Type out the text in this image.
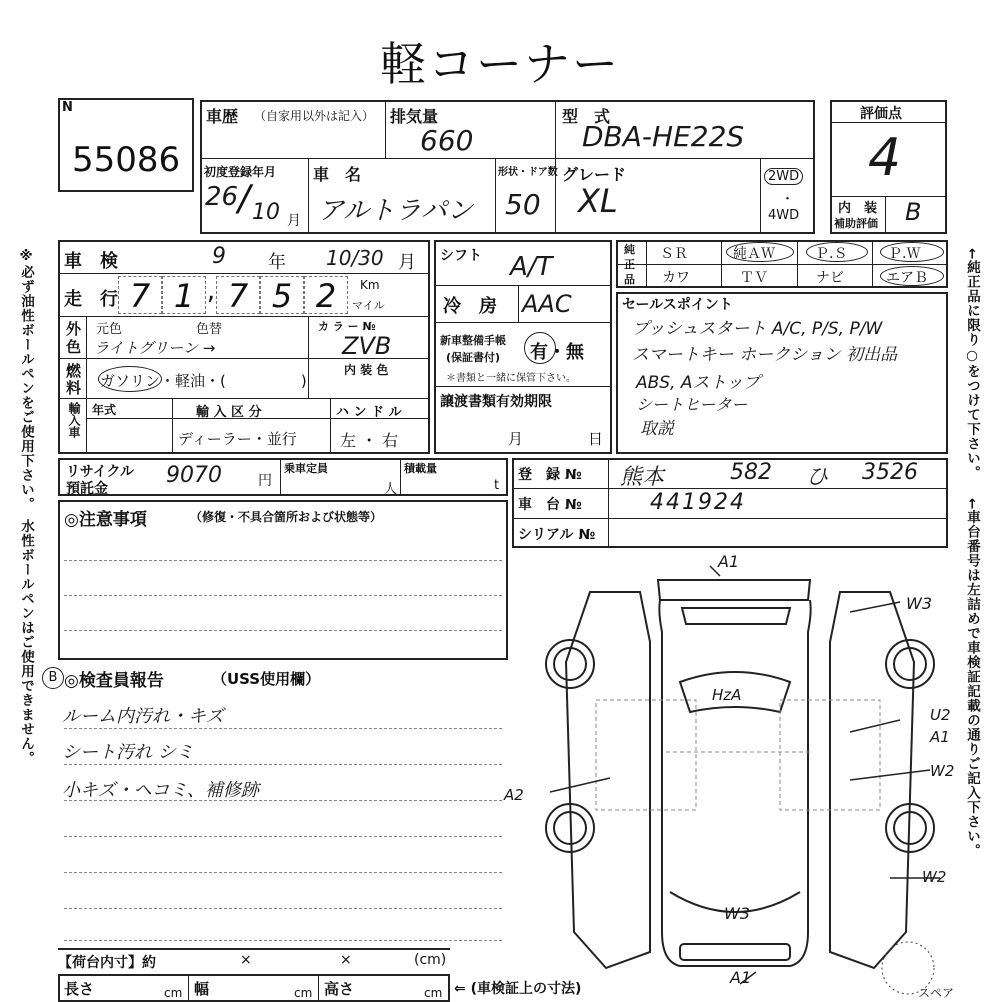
軽コーナー
※必ず油性ボールペンをご使用下さい。　水性ボールペンはご使用できません。	←純正品に限り○をつけて下さい。
←車台番号は左詰めで車検証記載の通りご記入下さい。
N
55086
車歴 （自家用以外は記入） 排気量
660
型　式
DBA-HE22S
初度登録年月
26 / 10 月
車　名
アルトラパン
形状・ドア数
50
グレード
XL
2WD
・
4WD
評価点
4
内　装
補助評価 B
車　検	9 年 10/30 月
走　行 7 1 , 7 5 2	Km
マイル
外
色
元色	色替
ライトグリーン →
カ ラ ー №
ZVB
燃
料 ガソリン・軽油・(　　　　　)
内 装 色
輸入車 年式	輸 入 区 分
ディーラー・並行
ハ ン ド ル
左 ・ 右
シフト A/T
冷　房 AAC
新車整備手帳
(保証書付) 有・無
＊書類と一緒に保管下さい。
譲渡書類有効期限
月	日
純
正
品
ＳＲ	純ＡＷ	Ｐ.Ｓ	Ｐ.Ｗ
カワ	ＴＶ	ナビ	エアＢ
セールスポイント
プッシュスタート A/C, P/S, P/W
スマートキー ホークション 初出品
ABS, Aストップ
シートヒーター
取説
リサイクル
預託金
9070	円
乗車定員
人
積載量
t
登　録 № 熊本	582 ひ 3526
車　台 №	441924
シリアル №
◎注意事項	（修復・不具合箇所および状態等）
B ◎検査員報告	（USS使用欄）
ルーム内汚れ・キズ
シート汚れ シミ
小キズ・ヘコミ、補修跡
【荷台内寸】約	×	×	(cm)
長さ	cm 幅	cm 高さ	cm ⇐ (車検証上の寸法)
A1
W3
U2
A1
W2
A2
W2
W3
A1
HzA
スペア
